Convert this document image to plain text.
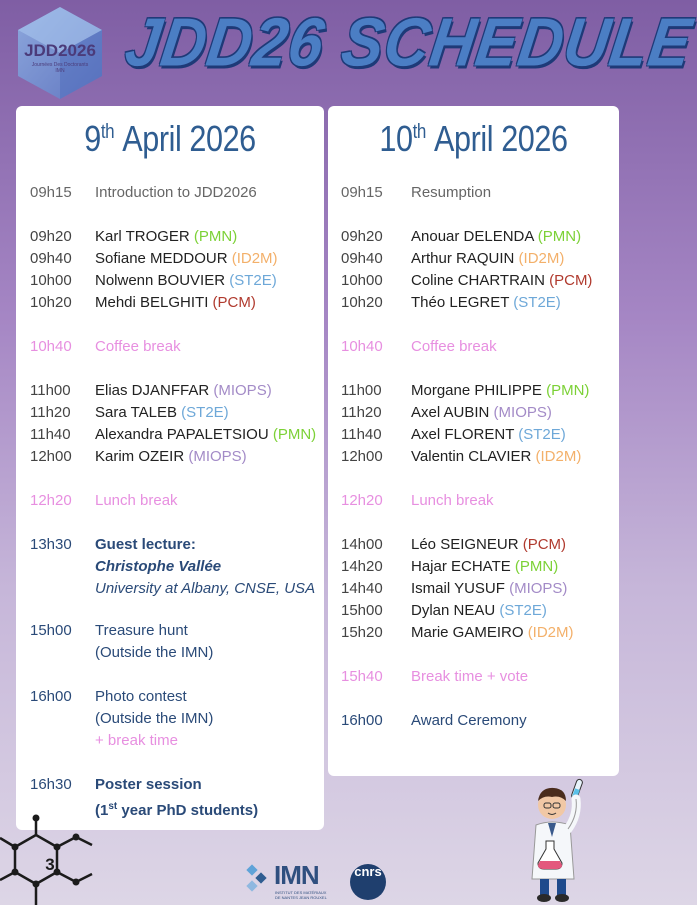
JDD2026
Journées Des Doctorants IMN JDD26 SCHEDULE
9th April 2026
09h15 Introduction to JDD2026
09h20 Karl TROGER (PMN)
09h40 Sofiane MEDDOUR (ID2M)
10h00 Nolwenn BOUVIER (ST2E)
10h20 Mehdi BELGHITI (PCM)
10h40 Coffee break
11h00 Elias DJANFFAR (MIOPS)
11h20 Sara TALEB (ST2E)
11h40 Alexandra PAPALETSIOU (PMN)
12h00 Karim OZEIR (MIOPS)
12h20 Lunch break
13h30 Guest lecture:
Christophe Vallée
University at Albany, CNSE, USA
15h00 Treasure hunt
(Outside the IMN)
16h00 Photo contest
(Outside the IMN)
+ break time
16h30 Poster session
(1st year PhD students)
10th April 2026
09h15 Resumption
09h20 Anouar DELENDA (PMN)
09h40 Arthur RAQUIN (ID2M)
10h00 Coline CHARTRAIN (PCM)
10h20 Théo LEGRET (ST2E)
10h40 Coffee break
11h00 Morgane PHILIPPE (PMN)
11h20 Axel AUBIN (MIOPS)
11h40 Axel FLORENT (ST2E)
12h00 Valentin CLAVIER (ID2M)
12h20 Lunch break
14h00 Léo SEIGNEUR (PCM)
14h20 Hajar ECHATE (PMN)
14h40 Ismail YUSUF (MIOPS)
15h00 Dylan NEAU (ST2E)
15h20 Marie GAMEIRO (ID2M)
15h40 Break time + vote
16h00 Award Ceremony
3	IMN
INSTITUT DES MATÉRIAUX
DE NANTES JEAN ROUXEL
cnrs
